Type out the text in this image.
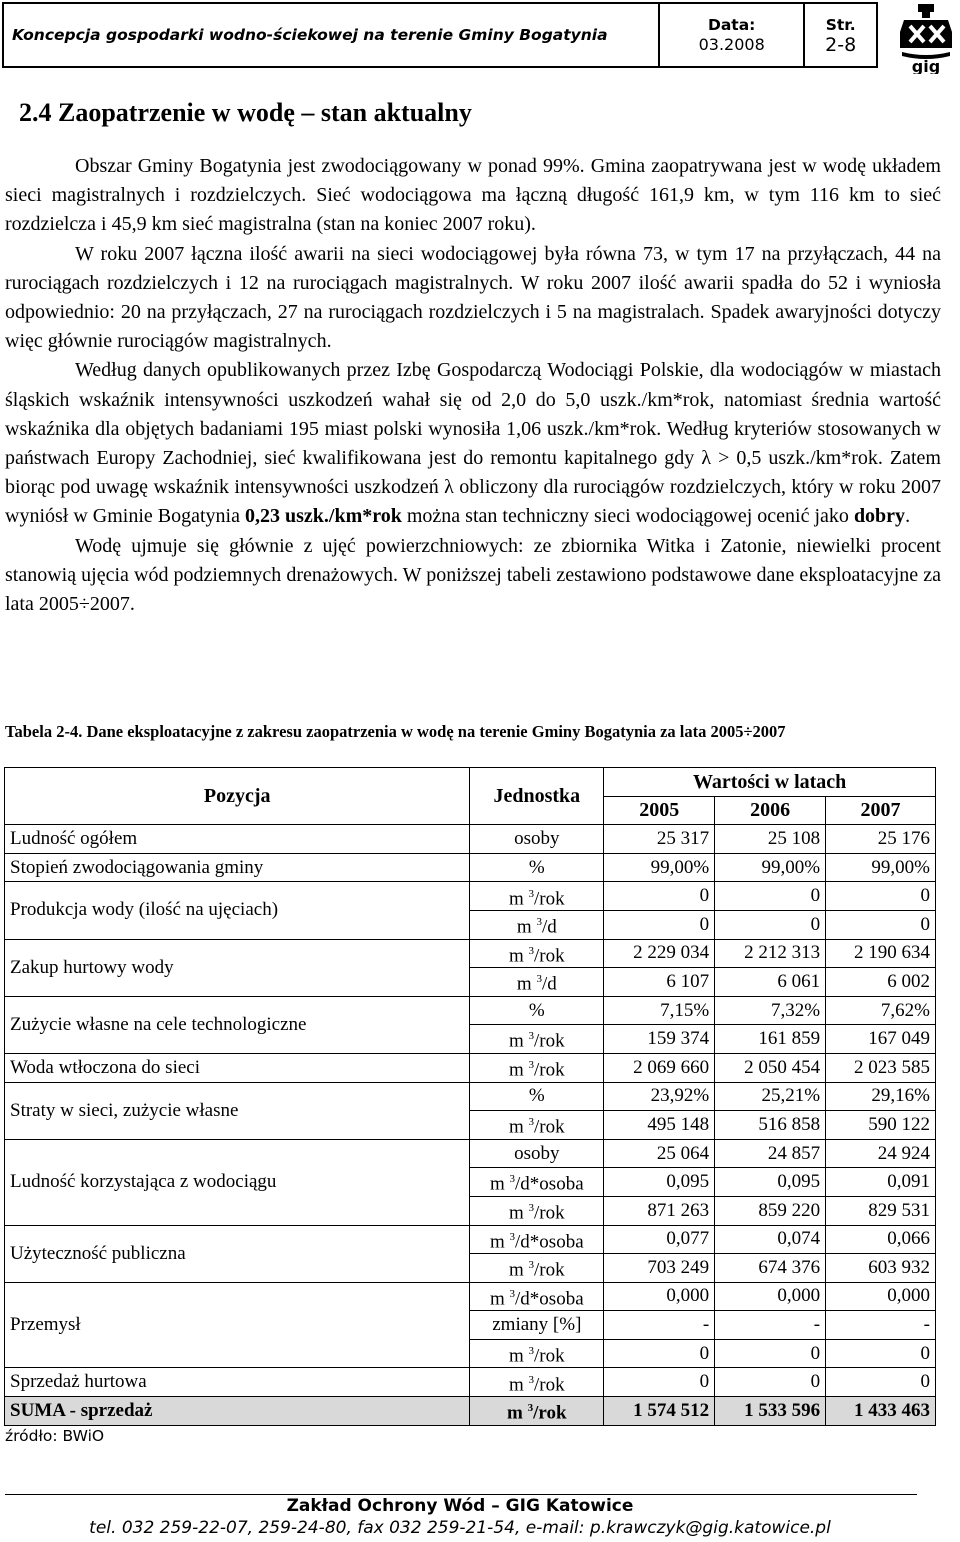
Koncepcja gospodarki wodno-ściekowej na terenie Gminy Bogatynia	Data:
03.2008
	Str.
2-8
gig
2.4 Zaopatrzenie w wodę – stan aktualny

Obszar Gminy Bogatynia jest zwodociągowany w ponad 99%. Gmina zaopatrywana jest w wodę układem sieci magistralnych i rozdzielczych. Sieć wodociągowa ma łączną długość 161,9 km, w tym 116 km to sieć rozdzielcza i 45,9 km sieć magistralna (stan na koniec 2007 roku).

W roku 2007 łączna ilość awarii na sieci wodociągowej była równa 73, w tym 17 na przyłączach, 44 na rurociągach rozdzielczych i 12 na rurociągach magistralnych. W roku 2007 ilość awarii spadła do 52 i wyniosła odpowiednio: 20 na przyłączach, 27 na rurociągach rozdzielczych i 5 na magistralach. Spadek awaryjności dotyczy więc głównie rurociągów magistralnych.

Według danych opublikowanych przez Izbę Gospodarczą Wodociągi Polskie, dla wodociągów w miastach śląskich wskaźnik intensywności uszkodzeń wahał się od 2,0 do 5,0 uszk./km*rok, natomiast średnia wartość wskaźnika dla objętych badaniami 195 miast polski wynosiła 1,06 uszk./km*rok. Według kryteriów stosowanych w państwach Europy Zachodniej, sieć kwalifikowana jest do remontu kapitalnego gdy λ > 0,5 uszk./km*rok. Zatem biorąc pod uwagę wskaźnik intensywności uszkodzeń λ obliczony dla rurociągów rozdzielczych, który w roku 2007 wyniósł w Gminie Bogatynia 0,23 uszk./km*rok można stan techniczny sieci wodociągowej ocenić jako dobry.

Wodę ujmuje się głównie z ujęć powierzchniowych: ze zbiornika Witka i Zatonie, niewielki procent stanowią ujęcia wód podziemnych drenażowych. W poniższej tabeli zestawiono podstawowe dane eksploatacyjne za lata 2005÷2007.

Tabela 2-4. Dane eksploatacyjne z zakresu zaopatrzenia w wodę na terenie Gminy Bogatynia za lata 2005÷2007
Pozycja	Jednostka	Wartości w latach		
		2005	2006	2007
Ludność ogółem	osoby	25 317	25 108	25 176
Stopień zwodociągowania gminy	%	99,00%	99,00%	99,00%
Produkcja wody (ilość na ujęciach)	m $^3$/rok	0	0	0
	m $^3$/d	0	0	0
Zakup hurtowy wody	m $^3$/rok	2 229 034	2 212 313	2 190 634
	m $^3$/d	6 107	6 061	6 002
Zużycie własne na cele technologiczne	%	7,15%	7,32%	7,62%
	m $^3$/rok	159 374	161 859	167 049
Woda wtłoczona do sieci	m $^3$/rok	2 069 660	2 050 454	2 023 585
Straty w sieci, zużycie własne	%	23,92%	25,21%	29,16%
	m $^3$/rok	495 148	516 858	590 122
Ludność korzystająca z wodociągu	osoby	25 064	24 857	24 924
	m $^3$/d*osoba	0,095	0,095	0,091
	m $^3$/rok	871 263	859 220	829 531
Użyteczność publiczna	m $^3$/d*osoba	0,077	0,074	0,066
	m $^3$/rok	703 249	674 376	603 932
Przemysł	m $^3$/d*osoba	0,000	0,000	0,000
	zmiany [%]	-	-	-
	m $^3$/rok	0	0	0
Sprzedaż hurtowa	m $^3$/rok	0	0	0
SUMA - sprzedaż	m $^3$/rok	1 574 512	1 533 596	1 433 463
źródło: BWiO
Zakład Ochrony Wód – GIG Katowice
tel. 032 259-22-07, 259-24-80, fax 032 259-21-54, e-mail: p.krawczyk@gig.katowice.pl
